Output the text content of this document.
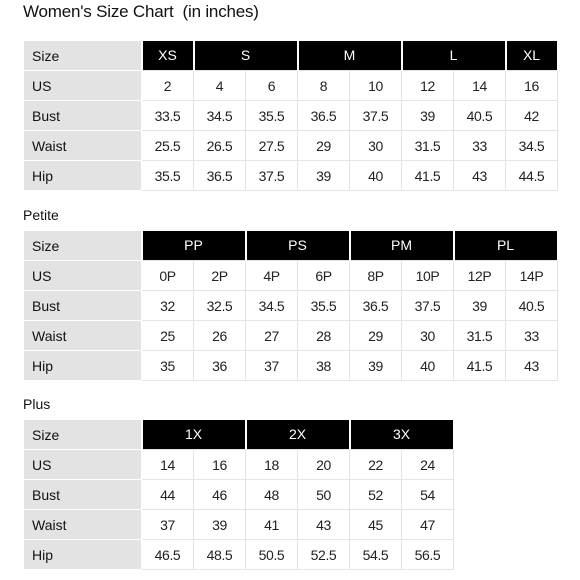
Women's Size Chart  (in inches)
Size	XS	S		M		L		XL
US	2	4	6	8	10	12	14	16
Bust	33.5	34.5	35.5	36.5	37.5	39	40.5	42
Waist	25.5	26.5	27.5	29	30	31.5	33	34.5
Hip	35.5	36.5	37.5	39	40	41.5	43	44.5
Petite
Size	PP		PS		PM		PL	
US	0P	2P	4P	6P	8P	10P	12P	14P
Bust	32	32.5	34.5	35.5	36.5	37.5	39	40.5
Waist	25	26	27	28	29	30	31.5	33
Hip	35	36	37	38	39	40	41.5	43
Plus
Size	1X		2X		3X	
US	14	16	18	20	22	24
Bust	44	46	48	50	52	54
Waist	37	39	41	43	45	47
Hip	46.5	48.5	50.5	52.5	54.5	56.5
